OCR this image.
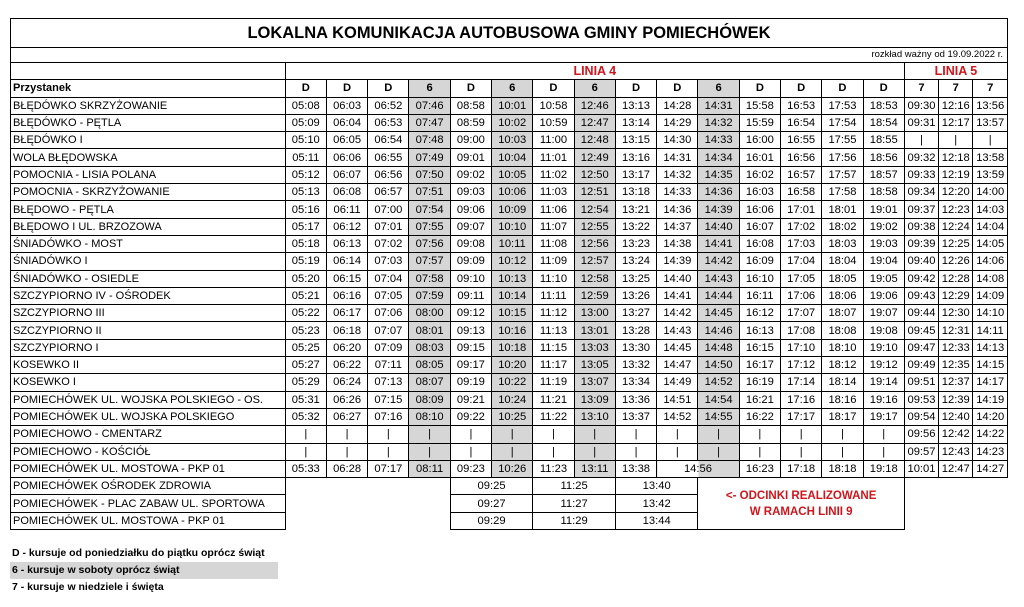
LOKALNA KOMUNIKACJA AUTOBUSOWA GMINY POMIECHÓWEK																		
rozkład ważny od 19.09.2022 r.																		
	LINIA 4															LINIA 5		
Przystanek	D	D	D	6	D	6	D	6	D	D	6	D	D	D	D	7	7	7
BŁĘDÓWKO SKRZYŻOWANIE	05:08	06:03	06:52	07:46	08:58	10:01	10:58	12:46	13:13	14:28	14:31	15:58	16:53	17:53	18:53	09:30	12:16	13:56
BŁĘDÓWKO - PĘTLA	05:09	06:04	06:53	07:47	08:59	10:02	10:59	12:47	13:14	14:29	14:32	15:59	16:54	17:54	18:54	09:31	12:17	13:57
BŁĘDÓWKO I	05:10	06:05	06:54	07:48	09:00	10:03	11:00	12:48	13:15	14:30	14:33	16:00	16:55	17:55	18:55	|	|	|
WOLA BŁĘDOWSKA	05:11	06:06	06:55	07:49	09:01	10:04	11:01	12:49	13:16	14:31	14:34	16:01	16:56	17:56	18:56	09:32	12:18	13:58
POMOCNIA - LISIA POLANA	05:12	06:07	06:56	07:50	09:02	10:05	11:02	12:50	13:17	14:32	14:35	16:02	16:57	17:57	18:57	09:33	12:19	13:59
POMOCNIA - SKRZYŻOWANIE	05:13	06:08	06:57	07:51	09:03	10:06	11:03	12:51	13:18	14:33	14:36	16:03	16:58	17:58	18:58	09:34	12:20	14:00
BŁĘDOWO - PĘTLA	05:16	06:11	07:00	07:54	09:06	10:09	11:06	12:54	13:21	14:36	14:39	16:06	17:01	18:01	19:01	09:37	12:23	14:03
BŁĘDOWO I UL. BRZOZOWA	05:17	06:12	07:01	07:55	09:07	10:10	11:07	12:55	13:22	14:37	14:40	16:07	17:02	18:02	19:02	09:38	12:24	14:04
ŚNIADÓWKO - MOST	05:18	06:13	07:02	07:56	09:08	10:11	11:08	12:56	13:23	14:38	14:41	16:08	17:03	18:03	19:03	09:39	12:25	14:05
ŚNIADÓWKO I	05:19	06:14	07:03	07:57	09:09	10:12	11:09	12:57	13:24	14:39	14:42	16:09	17:04	18:04	19:04	09:40	12:26	14:06
ŚNIADÓWKO - OSIEDLE	05:20	06:15	07:04	07:58	09:10	10:13	11:10	12:58	13:25	14:40	14:43	16:10	17:05	18:05	19:05	09:42	12:28	14:08
SZCZYPIORNO IV - OŚRODEK	05:21	06:16	07:05	07:59	09:11	10:14	11:11	12:59	13:26	14:41	14:44	16:11	17:06	18:06	19:06	09:43	12:29	14:09
SZCZYPIORNO III	05:22	06:17	07:06	08:00	09:12	10:15	11:12	13:00	13:27	14:42	14:45	16:12	17:07	18:07	19:07	09:44	12:30	14:10
SZCZYPIORNO II	05:23	06:18	07:07	08:01	09:13	10:16	11:13	13:01	13:28	14:43	14:46	16:13	17:08	18:08	19:08	09:45	12:31	14:11
SZCZYPIORNO I	05:25	06:20	07:09	08:03	09:15	10:18	11:15	13:03	13:30	14:45	14:48	16:15	17:10	18:10	19:10	09:47	12:33	14:13
KOSEWKO II	05:27	06:22	07:11	08:05	09:17	10:20	11:17	13:05	13:32	14:47	14:50	16:17	17:12	18:12	19:12	09:49	12:35	14:15
KOSEWKO I	05:29	06:24	07:13	08:07	09:19	10:22	11:19	13:07	13:34	14:49	14:52	16:19	17:14	18:14	19:14	09:51	12:37	14:17
POMIECHÓWEK UL. WOJSKA POLSKIEGO - OS.	05:31	06:26	07:15	08:09	09:21	10:24	11:21	13:09	13:36	14:51	14:54	16:21	17:16	18:16	19:16	09:53	12:39	14:19
POMIECHÓWEK UL. WOJSKA POLSKIEGO	05:32	06:27	07:16	08:10	09:22	10:25	11:22	13:10	13:37	14:52	14:55	16:22	17:17	18:17	19:17	09:54	12:40	14:20
POMIECHOWO - CMENTARZ	|	|	|	|	|	|	|	|	|	|	|	|	|	|	|	09:56	12:42	14:22
POMIECHOWO - KOŚCIÓŁ	|	|	|	|	|	|	|	|	|	|	|	|	|	|	|	09:57	12:43	14:23
POMIECHÓWEK UL. MOSTOWA - PKP 01	05:33	06:28	07:17	08:11	09:23	10:26	11:23	13:11	13:38	14:56		16:23	17:18	18:18	19:18	10:01	12:47	14:27
POMIECHÓWEK OŚRODEK ZDROWIA					09:25		11:25		13:40		<- ODCINKI REALIZOWANE
W RAMACH LINII 9							

POMIECHÓWEK - PLAC ZABAW UL. SPORTOWA					09:27		11:27		13:42									
POMIECHÓWEK UL. MOSTOWA - PKP 01					09:29		11:29		13:44									
D - kursuje od poniedziałku do piątku oprócz świąt
6 - kursuje w soboty oprócz świąt
7 - kursuje w niedziele i święta
